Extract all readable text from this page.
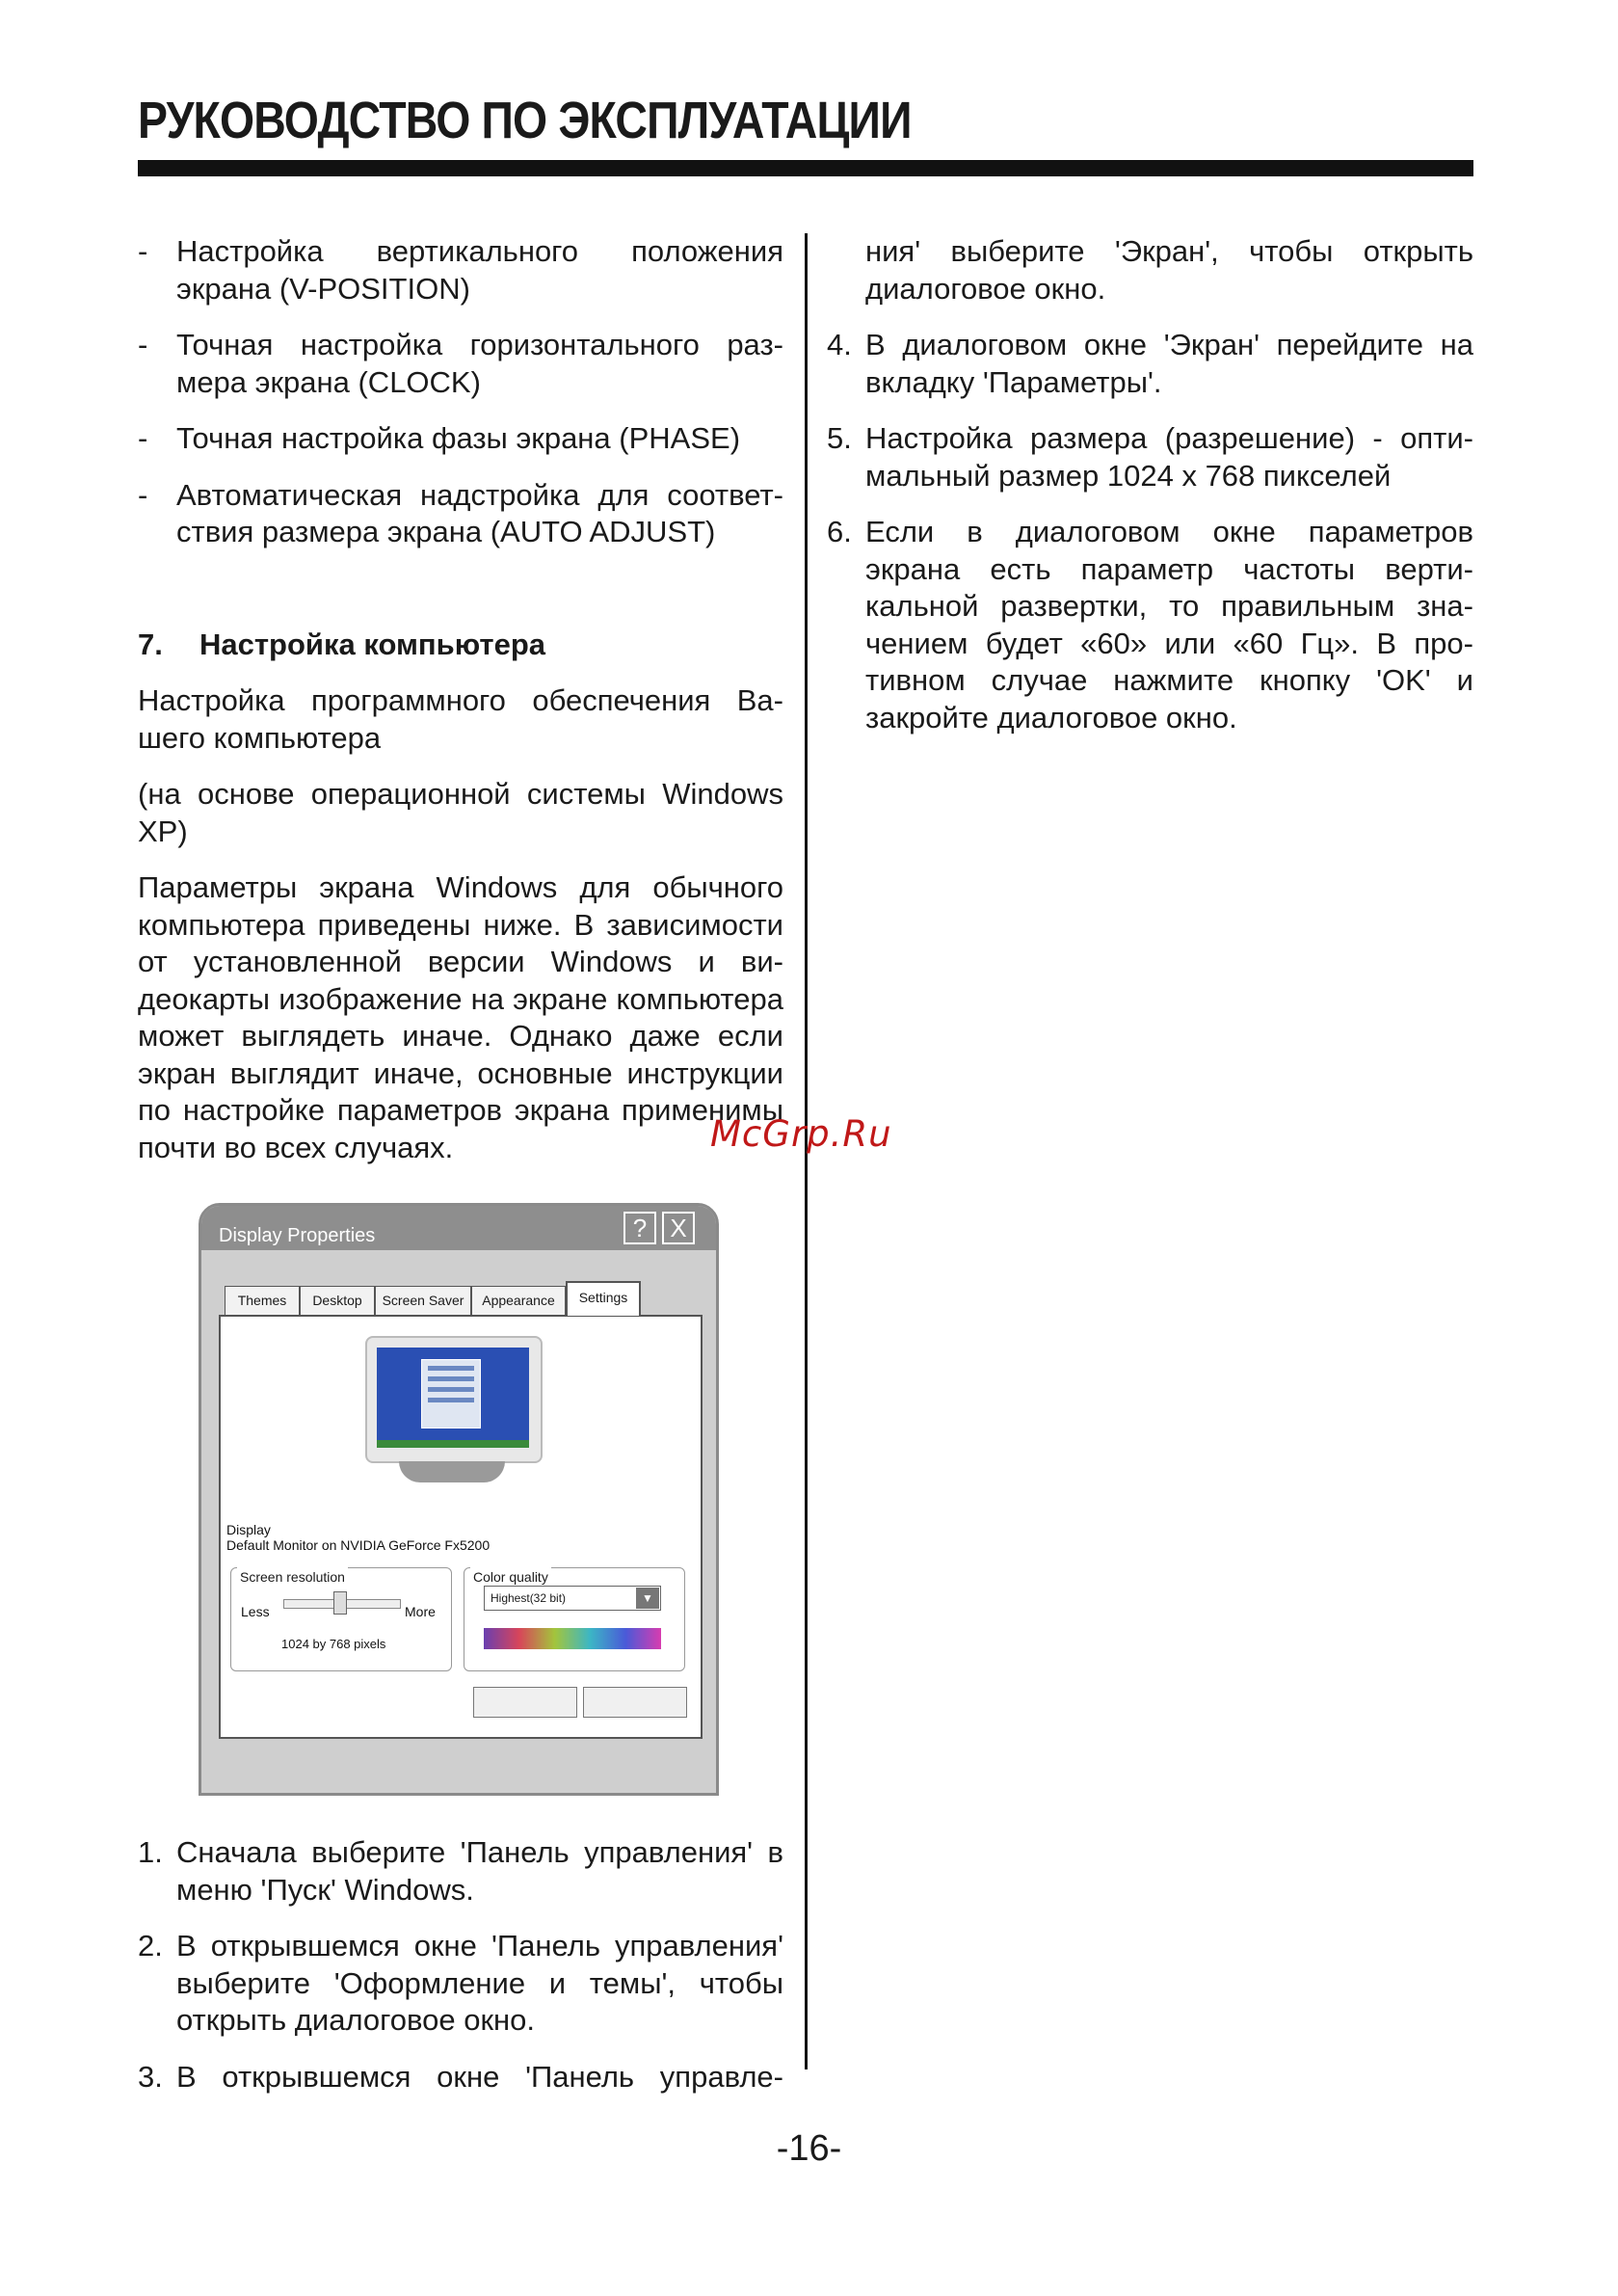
РУКОВОДСТВО ПО ЭКСПЛУАТАЦИИ
- Настройка вертикального положения экрана (V-POSITION)
- Точная настройка горизонтального размера экрана (CLOCK)
- Точная настройка фазы экрана (PHASE)
- Автоматическая надстройка для соответствия размера экрана (AUTO ADJUST)
7. Настройка компьютера
Настройка программного обеспечения Вашего компьютера
(на основе операционной системы Windows XP)
Параметры экрана Windows для обычного компьютера приведены ниже. В зависимости от установленной версии Windows и видеокарты изображение на экране компьютера может выглядеть иначе. Однако даже если экран выглядит иначе, основные инструкции по настройке параметров экрана применимы почти во всех случаях.
Display Properties	? X
Themes	Desktop	Screen Saver	Appearance	Settings
Display
Default Monitor on NVIDIA GeForce Fx5200
Screen resolution
Less	More
1024 by 768 pixels
Color quality
Highest(32 bit)	▼
1. Сначала выберите 'Панель управления' в меню 'Пуск' Windows.
2. В открывшемся окне 'Панель управления' выберите 'Оформление и темы', чтобы открыть диалоговое окно.
3. В открывшемся окне 'Панель управле-
ния' выберите 'Экран', чтобы открыть диалоговое окно.
4. В диалоговом окне 'Экран' перейдите на вкладку 'Параметры'.
5. Настройка размера (разрешение) - оптимальный размер 1024 x 768 пикселей
6. Если в диалоговом окне параметров экрана есть параметр частоты вертикальной развертки, то правильным значением будет «60» или «60 Гц». В противном случае нажмите кнопку 'OK' и закройте диалоговое окно.
McGrp.Ru
-16-
